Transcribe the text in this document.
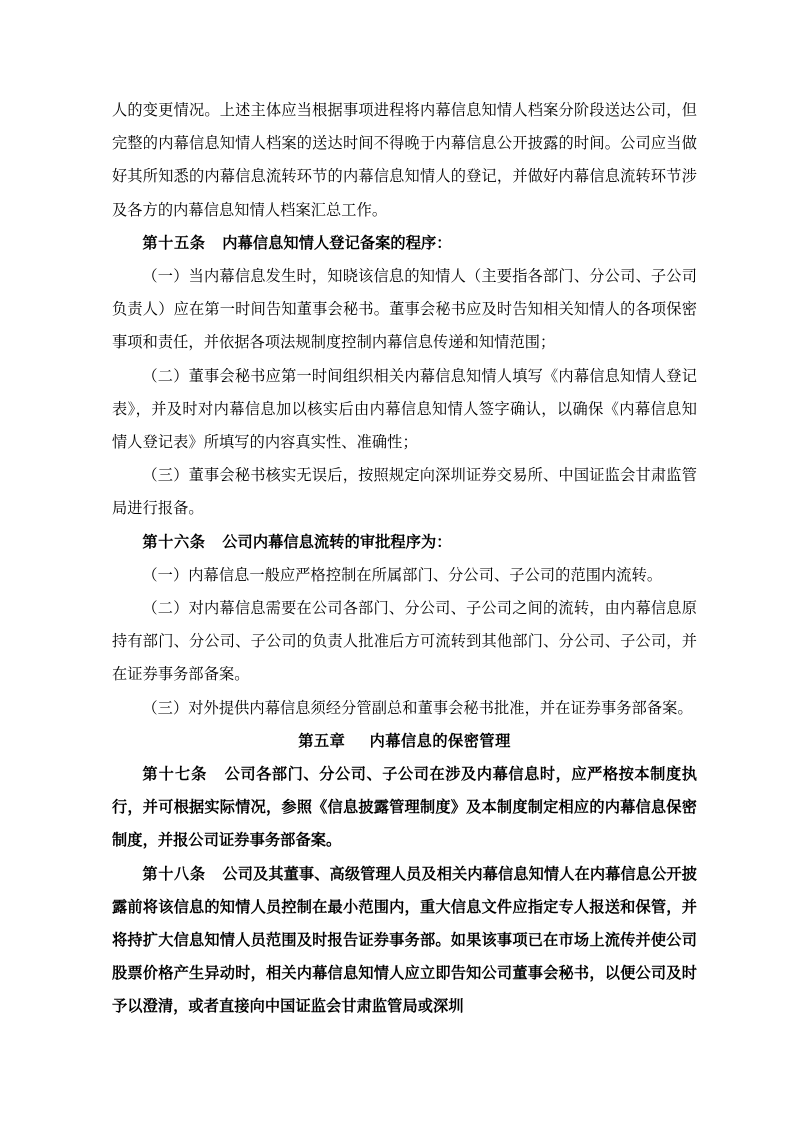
人的变更情况。上述主体应当根据事项进程将内幕信息知情人档案分阶段送达公司，但完整的内幕信息知情人档案的送达时间不得晚于内幕信息公开披露的时间。公司应当做好其所知悉的内幕信息流转环节的内幕信息知情人的登记，并做好内幕信息流转环节涉及各方的内幕信息知情人档案汇总工作。

第十五条 内幕信息知情人登记备案的程序：

（一）当内幕信息发生时，知晓该信息的知情人（主要指各部门、分公司、子公司负责人）应在第一时间告知董事会秘书。董事会秘书应及时告知相关知情人的各项保密事项和责任，并依据各项法规制度控制内幕信息传递和知情范围；

（二）董事会秘书应第一时间组织相关内幕信息知情人填写《内幕信息知情人登记表》，并及时对内幕信息加以核实后由内幕信息知情人签字确认，以确保《内幕信息知情人登记表》所填写的内容真实性、准确性；

（三）董事会秘书核实无误后，按照规定向深圳证券交易所、中国证监会甘肃监管局进行报备。

第十六条 公司内幕信息流转的审批程序为：

（一）内幕信息一般应严格控制在所属部门、分公司、子公司的范围内流转。

（二）对内幕信息需要在公司各部门、分公司、子公司之间的流转，由内幕信息原持有部门、分公司、子公司的负责人批准后方可流转到其他部门、分公司、子公司，并在证券事务部备案。

（三）对外提供内幕信息须经分管副总和董事会秘书批准，并在证券事务部备案。

第五章 内幕信息的保密管理

第十七条 公司各部门、分公司、子公司在涉及内幕信息时，应严格按本制度执行，并可根据实际情况，参照《信息披露管理制度》及本制度制定相应的内幕信息保密制度，并报公司证券事务部备案。

第十八条 公司及其董事、高级管理人员及相关内幕信息知情人在内幕信息公开披露前将该信息的知情人员控制在最小范围内，重大信息文件应指定专人报送和保管，并将持扩大信息知情人员范围及时报告证券事务部。如果该事项已在市场上流传并使公司股票价格产生异动时，相关内幕信息知情人应立即告知公司董事会秘书，以便公司及时予以澄清，或者直接向中国证监会甘肃监管局或深圳
